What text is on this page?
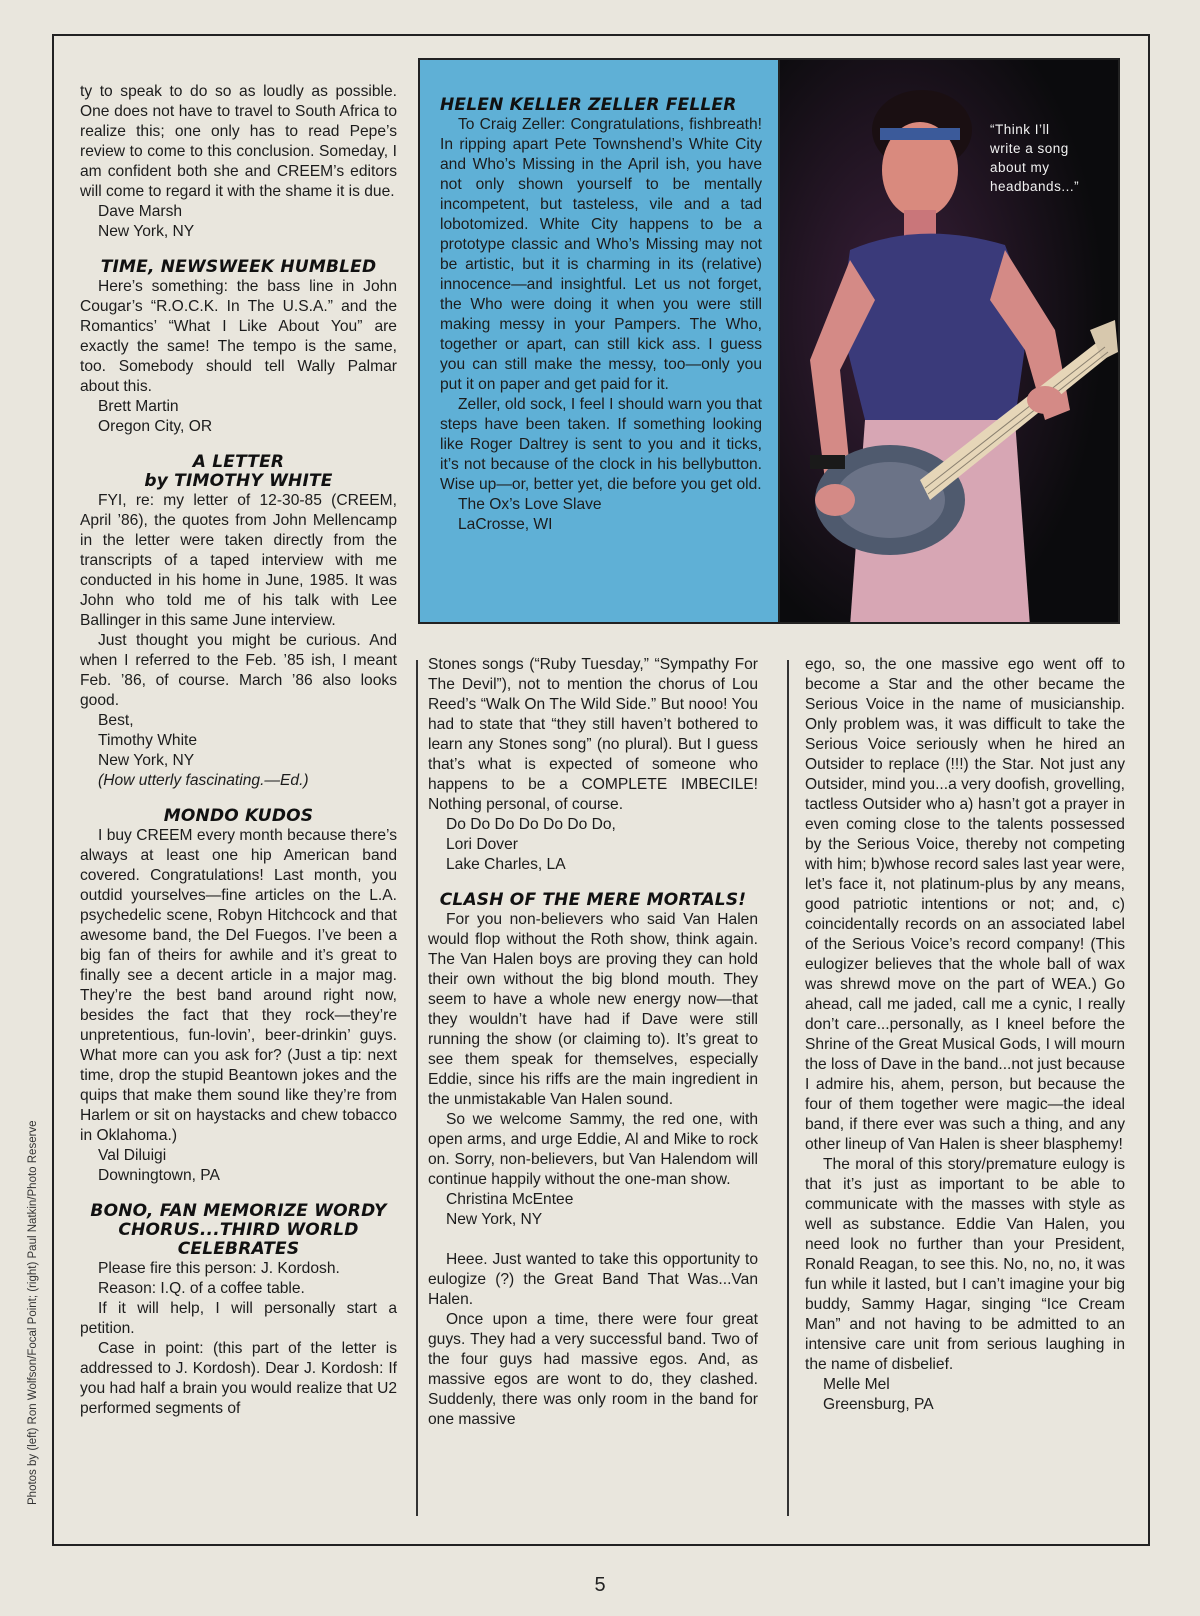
ty to speak to do so as loudly as possible. One does not have to travel to South Africa to realize this; one only has to read Pepe’s review to come to this conclusion. Someday, I am confident both she and CREEM’s editors will come to regard it with the shame it is due.

Dave Marsh
New York, NY
TIME, NEWSWEEK HUMBLED

Here’s something: the bass line in John Cougar’s “R.O.C.K. In The U.S.A.” and the Romantics’ “What I Like About You” are exactly the same! The tempo is the same, too. Somebody should tell Wally Palmar about this.

Brett Martin
Oregon City, OR
A LETTER
by TIMOTHY WHITE

FYI, re: my letter of 12-30-85 (CREEM, April ’86), the quotes from John Mellencamp in the letter were taken directly from the transcripts of a taped interview with me conducted in his home in June, 1985. It was John who told me of his talk with Lee Ballinger in this same June interview.

Just thought you might be curious. And when I referred to the Feb. ’85 ish, I meant Feb. ’86, of course. March ’86 also looks good.

Best,
Timothy White
New York, NY
(How utterly fascinating.—Ed.)
MONDO KUDOS

I buy CREEM every month because there’s always at least one hip American band covered. Congratulations! Last month, you outdid yourselves—fine articles on the L.A. psychedelic scene, Robyn Hitchcock and that awesome band, the Del Fuegos. I’ve been a big fan of theirs for awhile and it’s great to finally see a decent article in a major mag. They’re the best band around right now, besides the fact that they rock—they’re unpretentious, fun-lovin’, beer-drinkin’ guys. What more can you ask for? (Just a tip: next time, drop the stupid Beantown jokes and the quips that make them sound like they’re from Harlem or sit on haystacks and chew tobacco in Oklahoma.)

Val Diluigi
Downingtown, PA
BONO, FAN MEMORIZE WORDY
CHORUS...THIRD WORLD CELEBRATES

Please fire this person: J. Kordosh.

Reason: I.Q. of a coffee table.

If it will help, I will personally start a petition.

Case in point: (this part of the letter is addressed to J. Kordosh). Dear J. Kordosh: If you had half a brain you would realize that U2 performed segments of

HELEN KELLER ZELLER FELLER

To Craig Zeller: Congratulations, fishbreath! In ripping apart Pete Townshend’s White City and Who’s Missing in the April ish, you have not only shown yourself to be mentally incompetent, but tasteless, vile and a tad lobotomized. White City happens to be a prototype classic and Who’s Missing may not be artistic, but it is charming in its (relative) innocence—and insightful. Let us not forget, the Who were doing it when you were still making messy in your Pampers. The Who, together or apart, can still kick ass. I guess you can still make the messy, too—only you put it on paper and get paid for it.

Zeller, old sock, I feel I should warn you that steps have been taken. If something looking like Roger Daltrey is sent to you and it ticks, it’s not because of the clock in his bellybutton. Wise up—or, better yet, die before you get old.

The Ox’s Love Slave
LaCrosse, WI
“Think I’ll
write a song
about my
headbands...”

Stones songs (“Ruby Tuesday,” “Sympathy For The Devil”), not to mention the chorus of Lou Reed’s “Walk On The Wild Side.” But nooo! You had to state that “they still haven’t bothered to learn any Stones song” (no plural). But I guess that’s what is expected of someone who happens to be a COMPLETE IMBECILE! Nothing personal, of course.

Do Do Do Do Do Do Do,
Lori Dover
Lake Charles, LA
CLASH OF THE MERE MORTALS!

For you non-believers who said Van Halen would flop without the Roth show, think again. The Van Halen boys are proving they can hold their own without the big blond mouth. They seem to have a whole new energy now—that they wouldn’t have had if Dave were still running the show (or claiming to). It’s great to see them speak for themselves, especially Eddie, since his riffs are the main ingredient in the unmistakable Van Halen sound.

So we welcome Sammy, the red one, with open arms, and urge Eddie, Al and Mike to rock on. Sorry, non-believers, but Van Halendom will continue happily without the one-man show.

Christina McEntee
New York, NY

Heee. Just wanted to take this opportunity to eulogize (?) the Great Band That Was...Van Halen.

Once upon a time, there were four great guys. They had a very successful band. Two of the four guys had massive egos. And, as massive egos are wont to do, they clashed. Suddenly, there was only room in the band for one massive

ego, so, the one massive ego went off to become a Star and the other became the Serious Voice in the name of musicianship. Only problem was, it was difficult to take the Serious Voice seriously when he hired an Outsider to replace (!!!) the Star. Not just any Outsider, mind you...a very doofish, grovelling, tactless Outsider who a) hasn’t got a prayer in even coming close to the talents possessed by the Serious Voice, thereby not competing with him; b)whose record sales last year were, let’s face it, not platinum-plus by any means, good patriotic intentions or not; and, c) coincidentally records on an associated label of the Serious Voice’s record company! (This eulogizer believes that the whole ball of wax was shrewd move on the part of WEA.) Go ahead, call me jaded, call me a cynic, I really don’t care...personally, as I kneel before the Shrine of the Great Musical Gods, I will mourn the loss of Dave in the band...not just because I admire his, ahem, person, but because the four of them together were magic—the ideal band, if there ever was such a thing, and any other lineup of Van Halen is sheer blasphemy!

The moral of this story/premature eulogy is that it’s just as important to be able to communicate with the masses with style as well as substance. Eddie Van Halen, you need look no further than your President, Ronald Reagan, to see this. No, no, no, it was fun while it lasted, but I can’t imagine your big buddy, Sammy Hagar, singing “Ice Cream Man” and not having to be admitted to an intensive care unit from serious laughing in the name of disbelief.

Melle Mel
Greensburg, PA
Photos by (left) Ron Wolfson/Focal Point; (right) Paul Natkin/Photo Reserve
5
